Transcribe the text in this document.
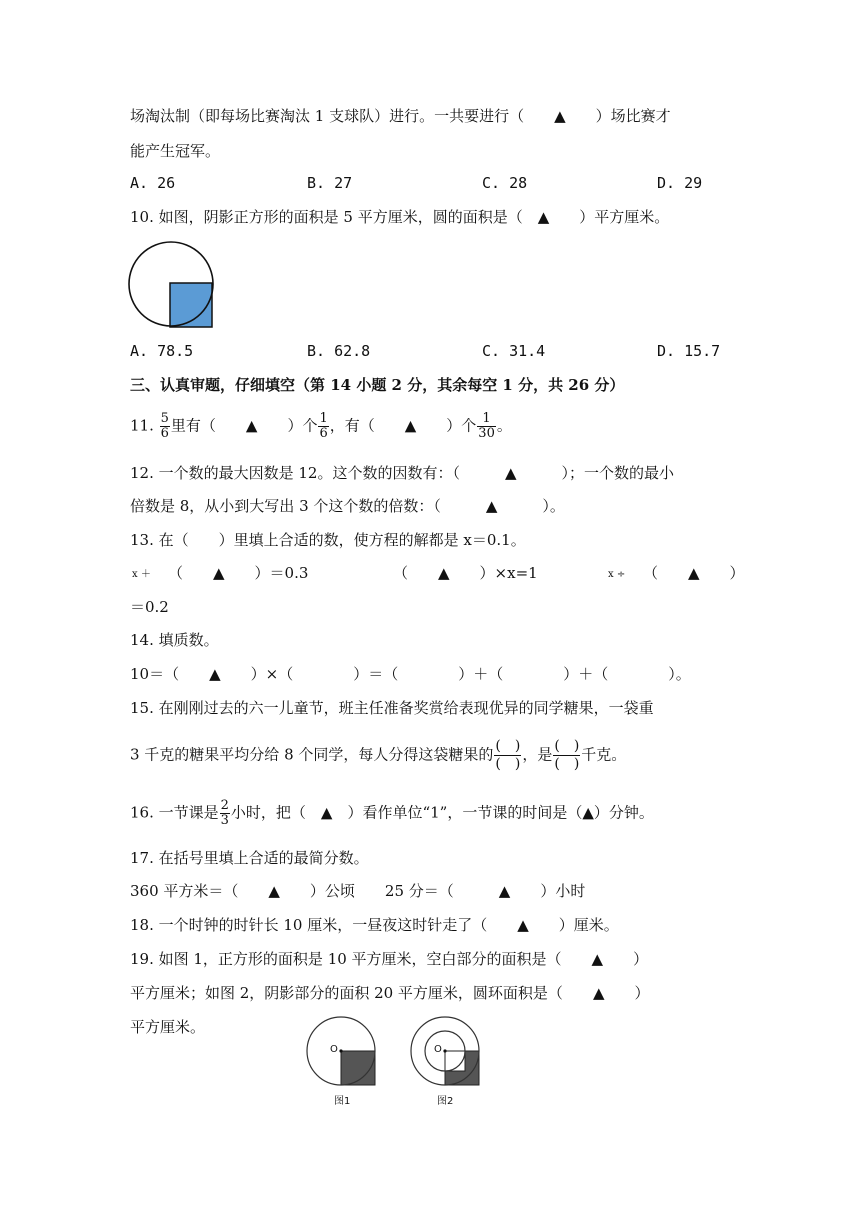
场淘汰制（即每场比赛淘汰 1 支球队）进行。一共要进行（　　▲　　）场比赛才
能产生冠军。
A. 26	B. 27	C. 28	D. 29
10. 如图，阴影正方形的面积是 5 平方厘米，圆的面积是（　▲　　）平方厘米。
A. 78.5	B. 62.8	C. 31.4	D. 15.7
三、认真审题，仔细填空（第 14 小题 2 分，其余每空 1 分，共 26 分）
11. $\frac{5}{6}$ 里有（　　▲　　）个 $\frac{1}{6}$ ，有（　　▲　　）个 $\frac{1}{30}$ 。
12. 一个数的最大因数是 12。这个数的因数有：（　　　▲　　　）；一个数的最小
倍数是 8，从小到大写出 3 个这个数的倍数：（　　　▲　　　）。
13. 在（　　）里填上合适的数，使方程的解都是 x＝0.1。
x ＋ （　　▲　　）＝0.3	（　　▲　　）×x=1	x ÷ （　　▲　　）
＝0.2
14. 填质数。
10＝（　　▲　　）×（　　　　）＝（　　　　）＋（　　　　）＋（　　　　）。
15. 在刚刚过去的六一儿童节，班主任准备奖赏给表现优异的同学糖果，一袋重
3 千克的糖果平均分给 8 个同学，每人分得这袋糖果的 $\frac{( )}{( )}$ ，是 $\frac{( )}{( )}$ 千克。
16. 一节课是 $\frac{2}{3}$ 小时，把（　▲　）看作单位“1”，一节课的时间是（▲）分钟。
17. 在括号里填上合适的最简分数。
360 平方米＝（　　▲　　）公顷　　25 分＝（　　　▲　　）小时
18. 一个时钟的时针长 10 厘米，一昼夜这时针走了（　　▲　　）厘米。
19. 如图 1，正方形的面积是 10 平方厘米，空白部分的面积是（　　▲　　）
平方厘米；如图 2，阴影部分的面积 20 平方厘米，圆环面积是（　　▲　　）
平方厘米。
O
图1
O
图2
